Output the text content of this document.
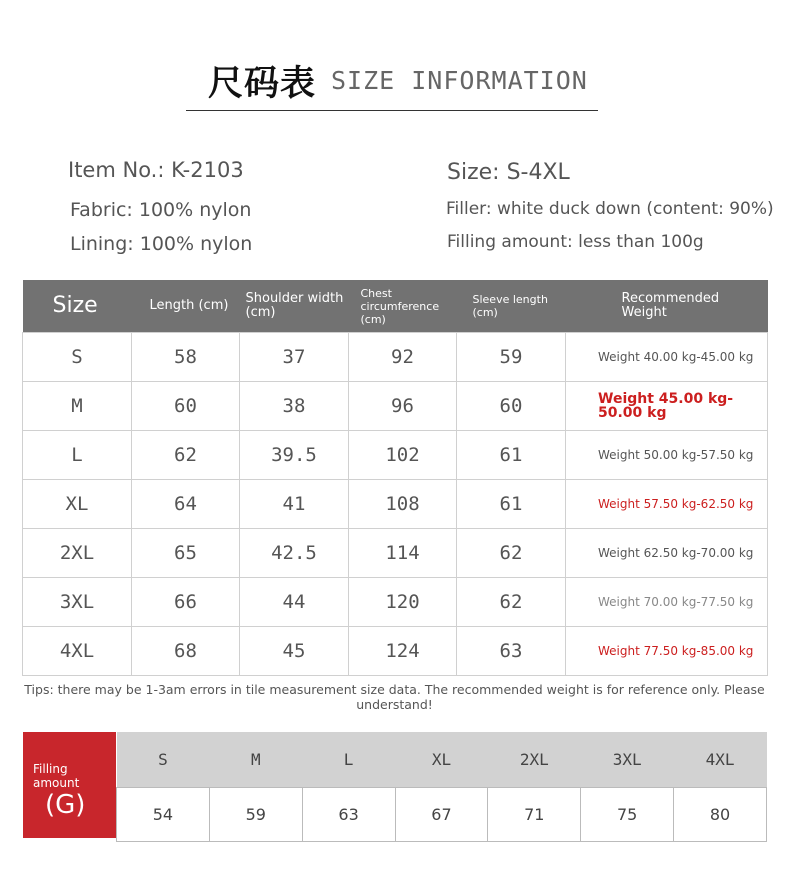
尺码表 SIZE INFORMATION
Item No.: K-2103
Fabric: 100% nylon
Lining: 100% nylon
Size: S-4XL
Filler: white duck down (content: 90%)
Filling amount: less than 100g
Size	Length (cm)	Shoulder width (cm)	Chest circumference (cm)	Sleeve length (cm)	Recommended Weight
S	58	37	92	59	Weight 40.00 kg-45.00 kg
M	60	38	96	60	Weight 45.00 kg-50.00 kg
L	62	39.5	102	61	Weight 50.00 kg-57.50 kg
XL	64	41	108	61	Weight 57.50 kg-62.50 kg
2XL	65	42.5	114	62	Weight 62.50 kg-70.00 kg
3XL	66	44	120	62	Weight 70.00 kg-77.50 kg
4XL	68	45	124	63	Weight 77.50 kg-85.00 kg
Tips: there may be 1-3am errors in tile measurement size data. The recommended weight is for reference only. Please understand!
Filling amount
(G)
S	M	L	XL	2XL	3XL	4XL
54	59	63	67	71	75	80
